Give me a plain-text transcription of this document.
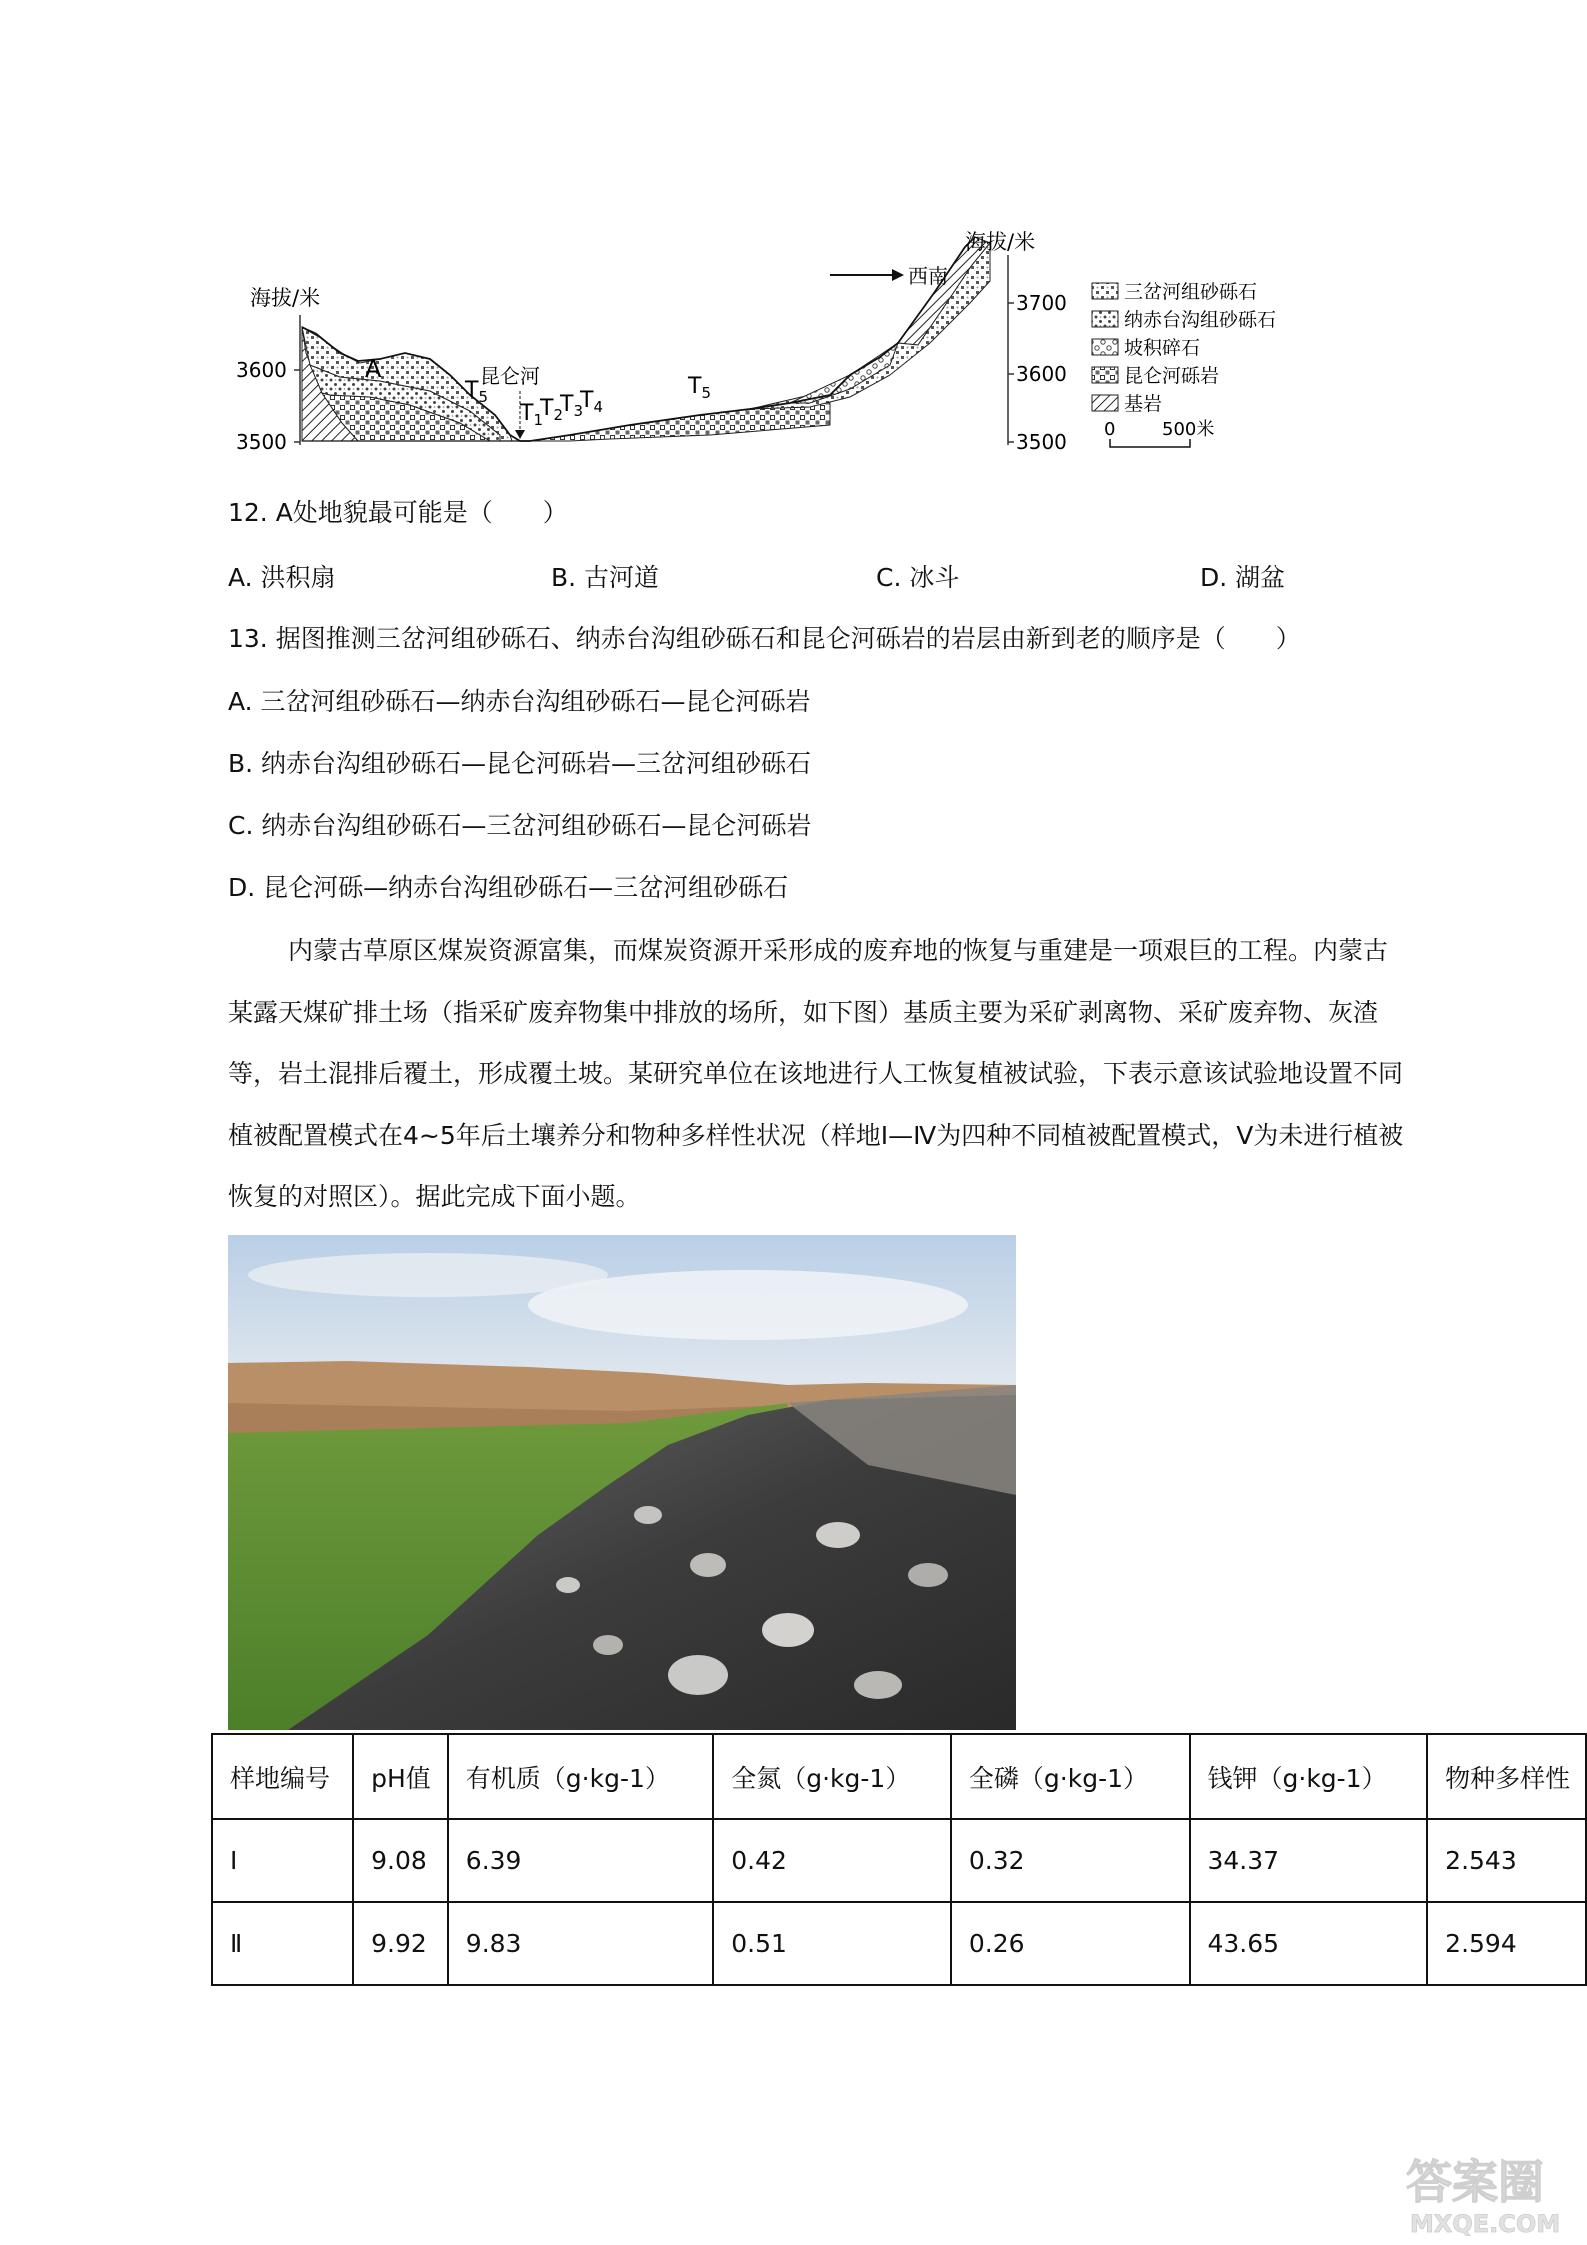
海拔/米
3600
3500
昆仑河
A
$T_5$
$T_1$
$T_2$
$T_3$
$T_4$
$T_5$
西南
海拔/米
3700
3600
3500
三岔河组砂砾石
纳赤台沟组砂砾石
坡积碎石
昆仑河砾岩
基岩
0	500米
12. A处地貌最可能是（　　）
A. 洪积扇	B. 古河道	C. 冰斗	D. 湖盆
13. 据图推测三岔河组砂砾石、纳赤台沟组砂砾石和昆仑河砾岩的岩层由新到老的顺序是（　　）
A. 三岔河组砂砾石—纳赤台沟组砂砾石—昆仑河砾岩
B. 纳赤台沟组砂砾石—昆仑河砾岩—三岔河组砂砾石
C. 纳赤台沟组砂砾石—三岔河组砂砾石—昆仑河砾岩
D. 昆仑河砾—纳赤台沟组砂砾石—三岔河组砂砾石
内蒙古草原区煤炭资源富集，而煤炭资源开采形成的废弃地的恢复与重建是一项艰巨的工程。内蒙古某露天煤矿排土场（指采矿废弃物集中排放的场所，如下图）基质主要为采矿剥离物、采矿废弃物、灰渣等，岩土混排后覆土，形成覆土坡。某研究单位在该地进行人工恢复植被试验，下表示意该试验地设置不同植被配置模式在4~5年后土壤养分和物种多样性状况（样地Ⅰ—Ⅳ为四种不同植被配置模式，Ⅴ为未进行植被恢复的对照区）。据此完成下面小题。
样地编号	pH值	有机质（g·kg-1）	全氮（g·kg-1）	全磷（g·kg-1）	钱钾（g·kg-1）	物种多样性
Ⅰ	9.08	6.39	0.42	0.32	34.37	2.543
Ⅱ	9.92	9.83	0.51	0.26	43.65	2.594
答案圈
MXQE.COM
